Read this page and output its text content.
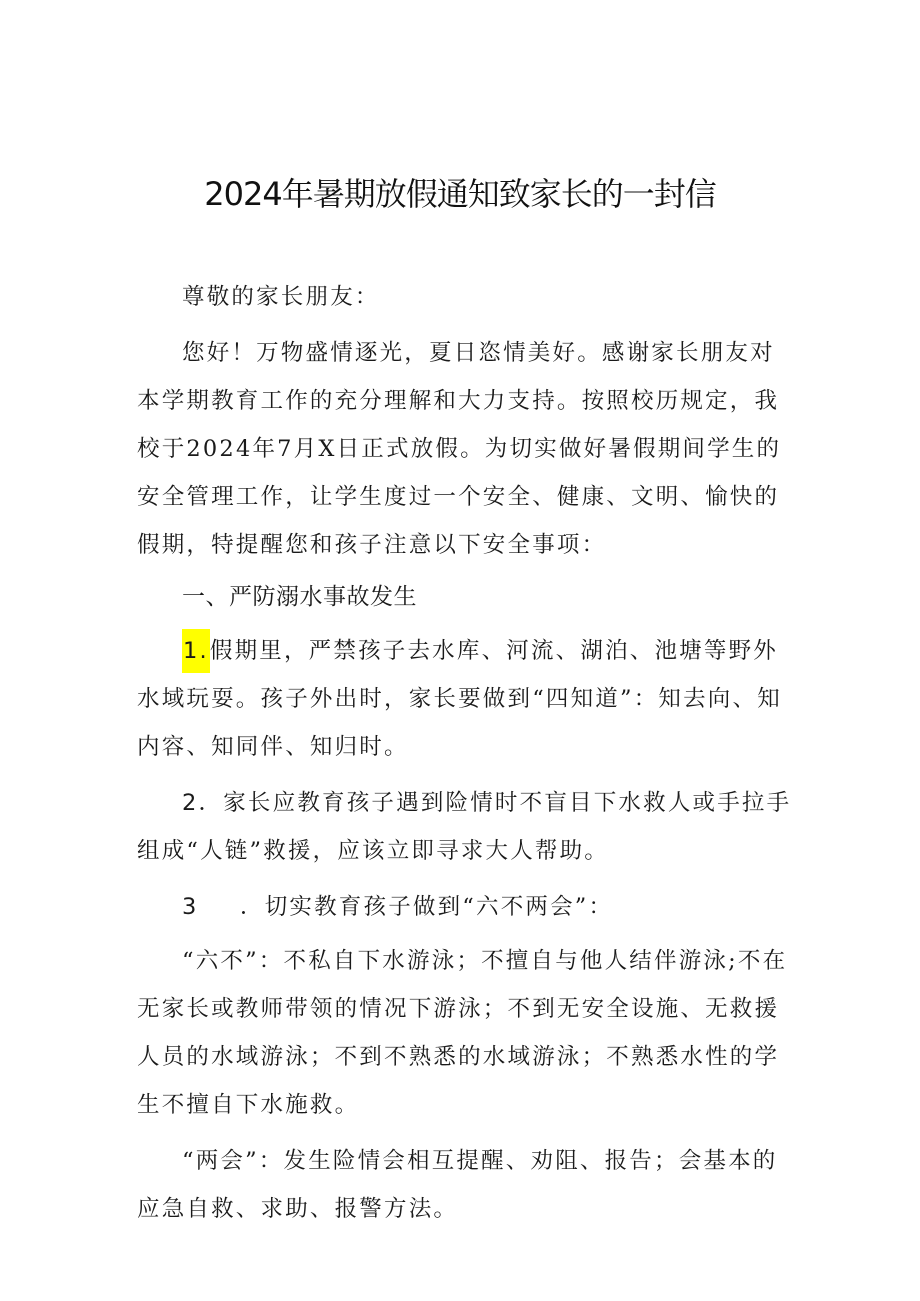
2024年暑期放假通知致家长的一封信

尊敬的家长朋友：

您好！万物盛情逐光，夏日恣情美好。感谢家长朋友对本学期教育工作的充分理解和大力支持。按照校历规定，我校于2024年7月X日正式放假。为切实做好暑假期间学生的安全管理工作，让学生度过一个安全、健康、文明、愉快的假期，特提醒您和孩子注意以下安全事项：

一、严防溺水事故发生

1.假期里，严禁孩子去水库、河流、湖泊、池塘等野外水域玩耍。孩子外出时，家长要做到“四知道”：知去向、知内容、知同伴、知归时。

2．家长应教育孩子遇到险情时不盲目下水救人或手拉手组成“人链”救援，应该立即寻求大人帮助。

3 ．切实教育孩子做到“六不两会”：

“六不”：不私自下水游泳；不擅自与他人结伴游泳;不在无家长或教师带领的情况下游泳；不到无安全设施、无救援人员的水域游泳；不到不熟悉的水域游泳；不熟悉水性的学生不擅自下水施救。

“两会”：发生险情会相互提醒、劝阻、报告；会基本的应急自救、求助、报警方法。
